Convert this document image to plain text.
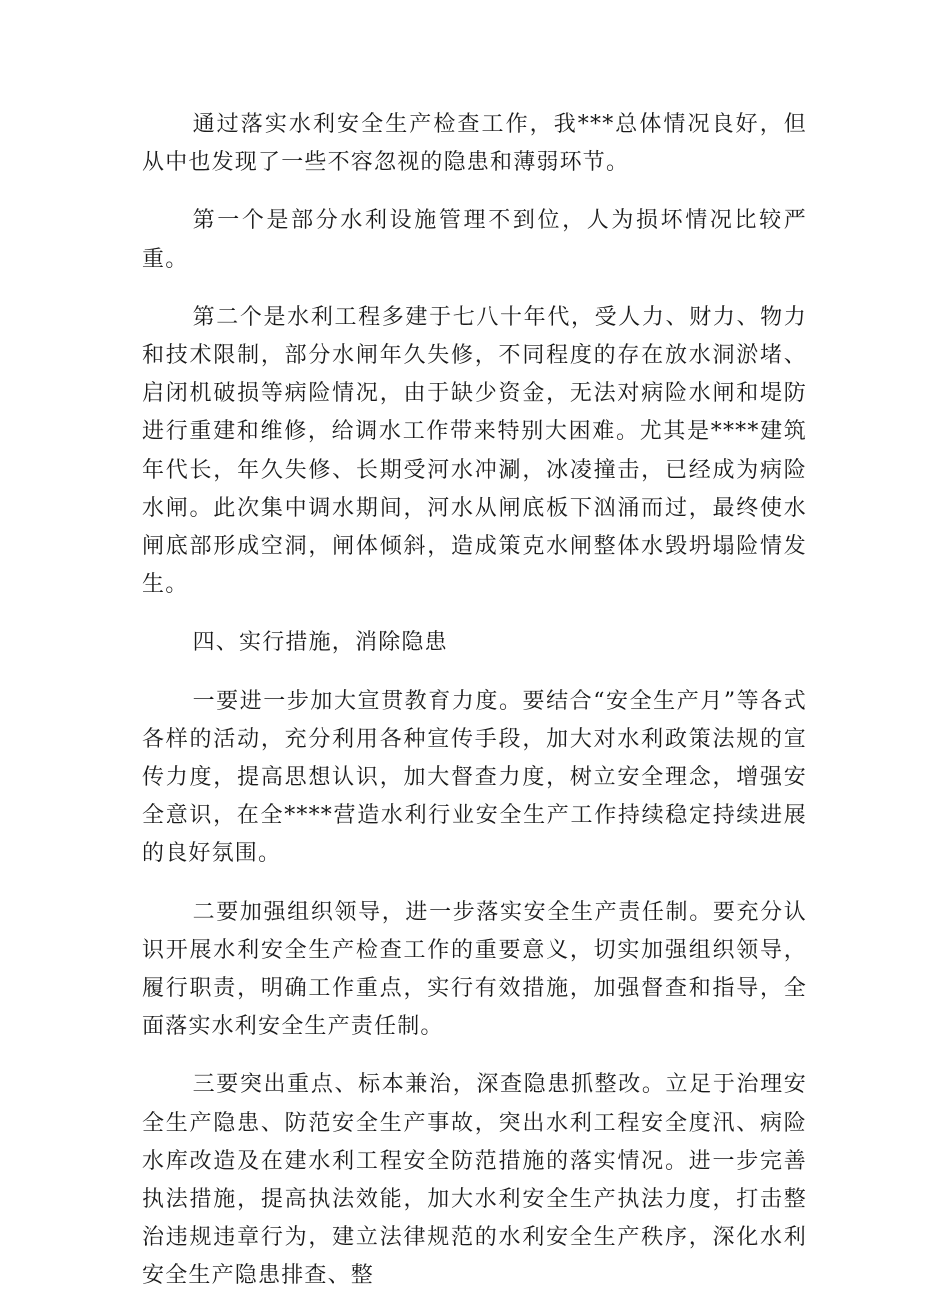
通过落实水利安全生产检查工作，我***总体情况良好，但从中也发现了一些不容忽视的隐患和薄弱环节。

第一个是部分水利设施管理不到位，人为损坏情况比较严重。

第二个是水利工程多建于七八十年代，受人力、财力、物力和技术限制，部分水闸年久失修，不同程度的存在放水洞淤堵、启闭机破损等病险情况，由于缺少资金，无法对病险水闸和堤防进行重建和维修，给调水工作带来特别大困难。尤其是****建筑年代长，年久失修、长期受河水冲涮，冰凌撞击，已经成为病险水闸。此次集中调水期间，河水从闸底板下汹涌而过，最终使水闸底部形成空洞，闸体倾斜，造成策克水闸整体水毁坍塌险情发生。

四、实行措施，消除隐患

一要进一步加大宣贯教育力度。要结合“安全生产月”等各式各样的活动，充分利用各种宣传手段，加大对水利政策法规的宣传力度，提高思想认识，加大督查力度，树立安全理念，增强安全意识，在全****营造水利行业安全生产工作持续稳定持续进展的良好氛围。

二要加强组织领导，进一步落实安全生产责任制。要充分认识开展水利安全生产检查工作的重要意义，切实加强组织领导，履行职责，明确工作重点，实行有效措施，加强督查和指导，全面落实水利安全生产责任制。

三要突出重点、标本兼治，深查隐患抓整改。立足于治理安全生产隐患、防范安全生产事故，突出水利工程安全度汛、病险水库改造及在建水利工程安全防范措施的落实情况。进一步完善执法措施，提高执法效能，加大水利安全生产执法力度，打击整治违规违章行为，建立法律规范的水利安全生产秩序，深化水利安全生产隐患排查、整
